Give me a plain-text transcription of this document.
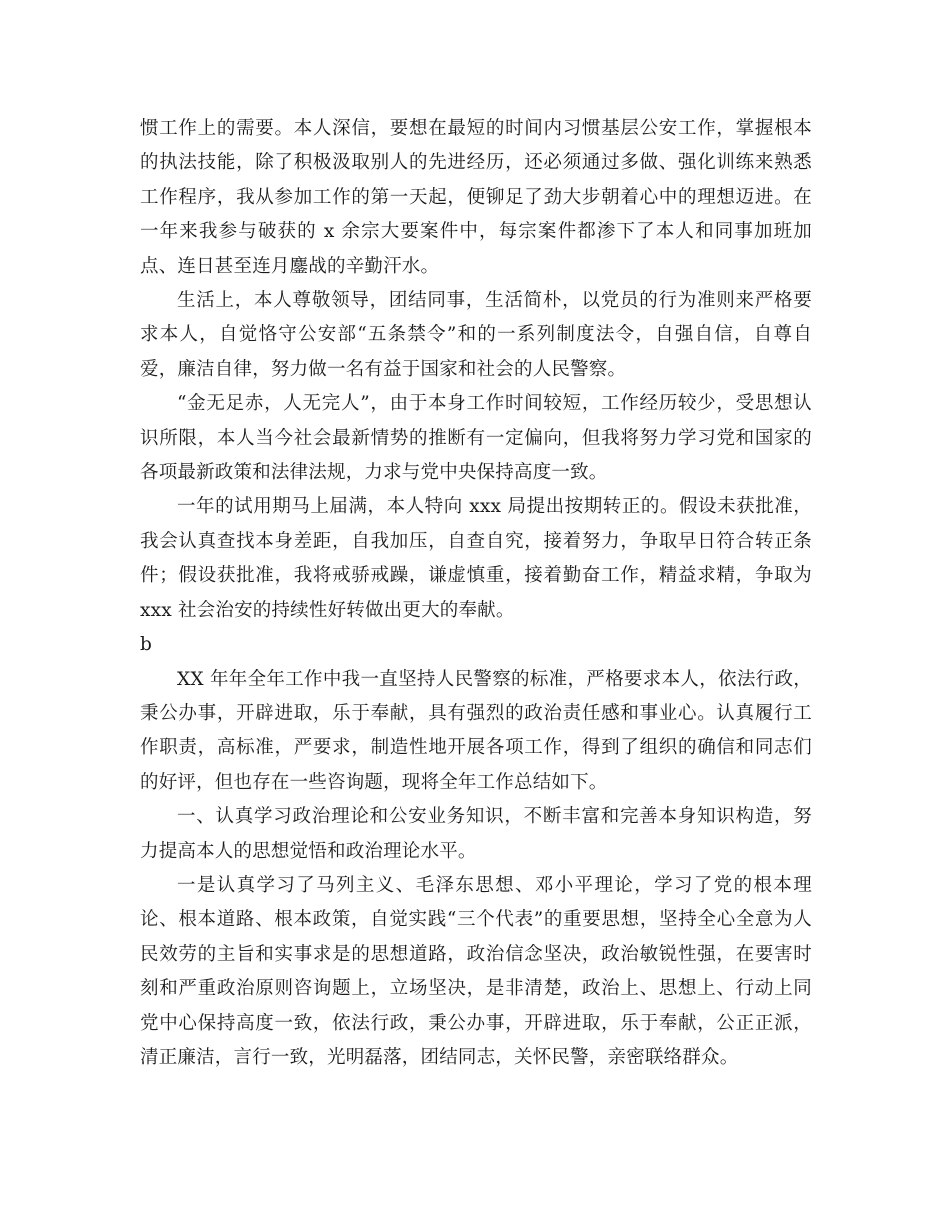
惯工作上的需要。本人深信，要想在最短的时间内习惯基层公安工作，掌握根本的执法技能，除了积极汲取别人的先进经历，还必须通过多做、强化训练来熟悉工作程序，我从参加工作的第一天起，便铆足了劲大步朝着心中的理想迈进。在一年来我参与破获的 x 余宗大要案件中，每宗案件都渗下了本人和同事加班加点、连日甚至连月鏖战的辛勤汗水。

生活上，本人尊敬领导，团结同事，生活简朴，以党员的行为准则来严格要求本人，自觉恪守公安部“五条禁令”和的一系列制度法令，自强自信，自尊自爱，廉洁自律，努力做一名有益于国家和社会的人民警察。

“金无足赤，人无完人”，由于本身工作时间较短，工作经历较少，受思想认识所限，本人当今社会最新情势的推断有一定偏向，但我将努力学习党和国家的各项最新政策和法律法规，力求与党中央保持高度一致。

一年的试用期马上届满，本人特向 xxx 局提出按期转正的。假设未获批准，我会认真查找本身差距，自我加压，自查自究，接着努力，争取早日符合转正条件；假设获批准，我将戒骄戒躁，谦虚慎重，接着勤奋工作，精益求精，争取为 xxx 社会治安的持续性好转做出更大的奉献。

b

XX 年年全年工作中我一直坚持人民警察的标准，严格要求本人，依法行政，秉公办事，开辟进取，乐于奉献，具有强烈的政治责任感和事业心。认真履行工作职责，高标准，严要求，制造性地开展各项工作，得到了组织的确信和同志们的好评，但也存在一些咨询题，现将全年工作总结如下。

一、认真学习政治理论和公安业务知识，不断丰富和完善本身知识构造，努力提高本人的思想觉悟和政治理论水平。

一是认真学习了马列主义、毛泽东思想、邓小平理论，学习了党的根本理论、根本道路、根本政策，自觉实践“三个代表”的重要思想，坚持全心全意为人民效劳的主旨和实事求是的思想道路，政治信念坚决，政治敏锐性强，在要害时刻和严重政治原则咨询题上，立场坚决，是非清楚，政治上、思想上、行动上同党中心保持高度一致，依法行政，秉公办事，开辟进取，乐于奉献，公正正派，清正廉洁，言行一致，光明磊落，团结同志，关怀民警，亲密联络群众。
